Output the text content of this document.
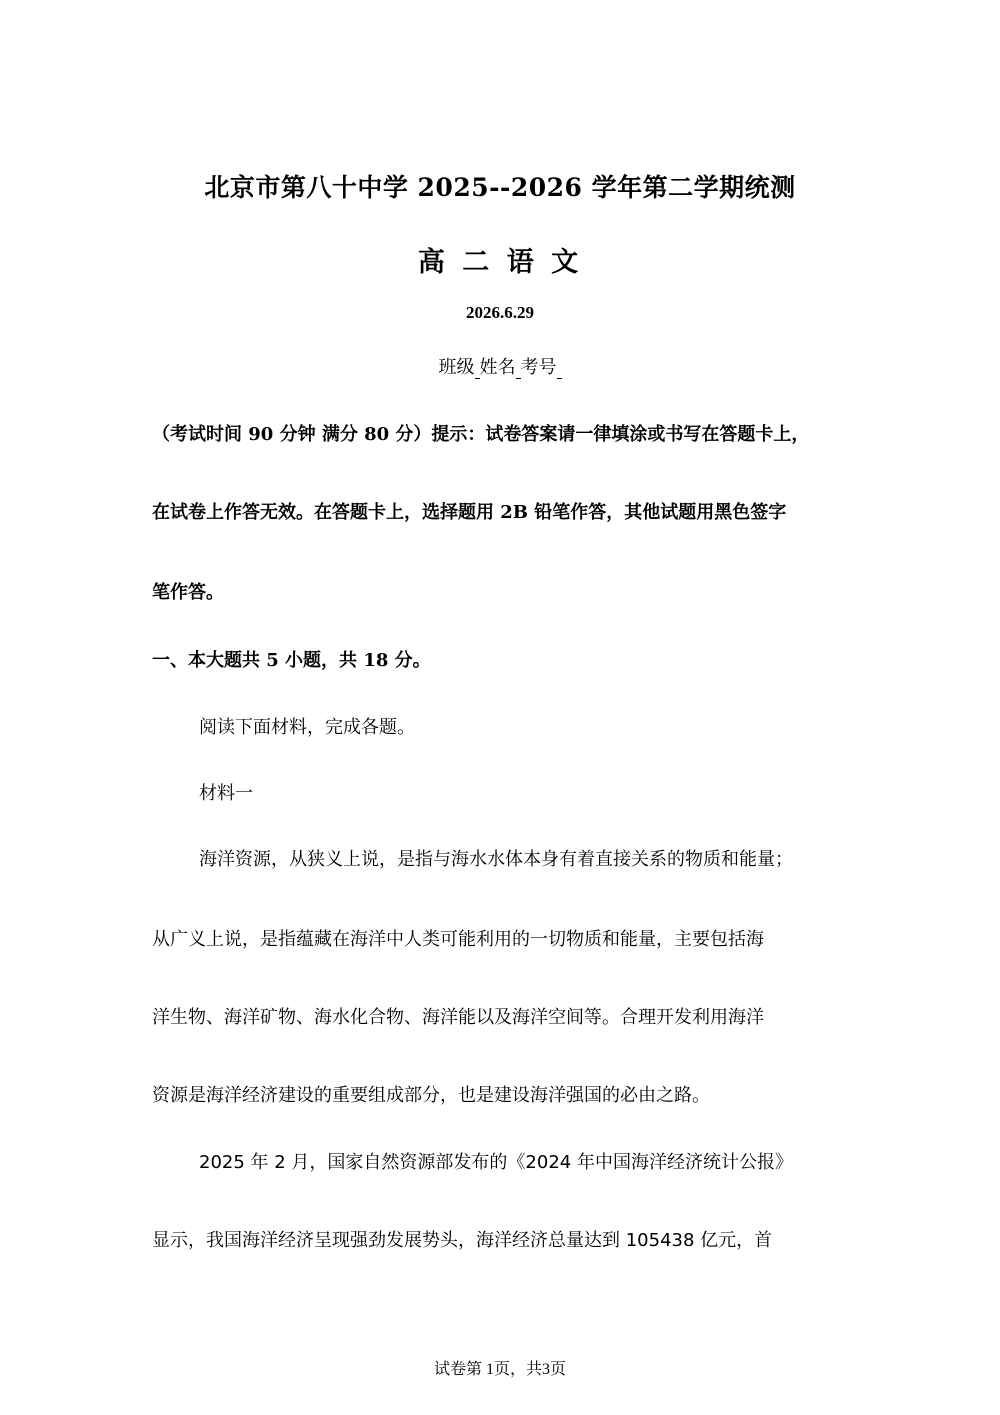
北京市第八十中学 2025--2026 学年第二学期统测
高 二 语 文
2026.6.29
班级 姓名 考号
（考试时间 90 分钟 满分 80 分）提示：试卷答案请一律填涂或书写在答题卡上，
在试卷上作答无效。在答题卡上，选择题用 2B 铅笔作答，其他试题用黑色签字
笔作答。
一、本大题共 5 小题，共 18 分。
阅读下面材料，完成各题。
材料一
海洋资源，从狭义上说，是指与海水水体本身有着直接关系的物质和能量；
从广义上说，是指蕴藏在海洋中人类可能利用的一切物质和能量，主要包括海
洋生物、海洋矿物、海水化合物、海洋能以及海洋空间等。合理开发利用海洋
资源是海洋经济建设的重要组成部分，也是建设海洋强国的必由之路。
2025 年 2 月，国家自然资源部发布的《2024 年中国海洋经济统计公报》
显示，我国海洋经济呈现强劲发展势头，海洋经济总量达到 105438 亿元，首
试卷第 1页，共3页
